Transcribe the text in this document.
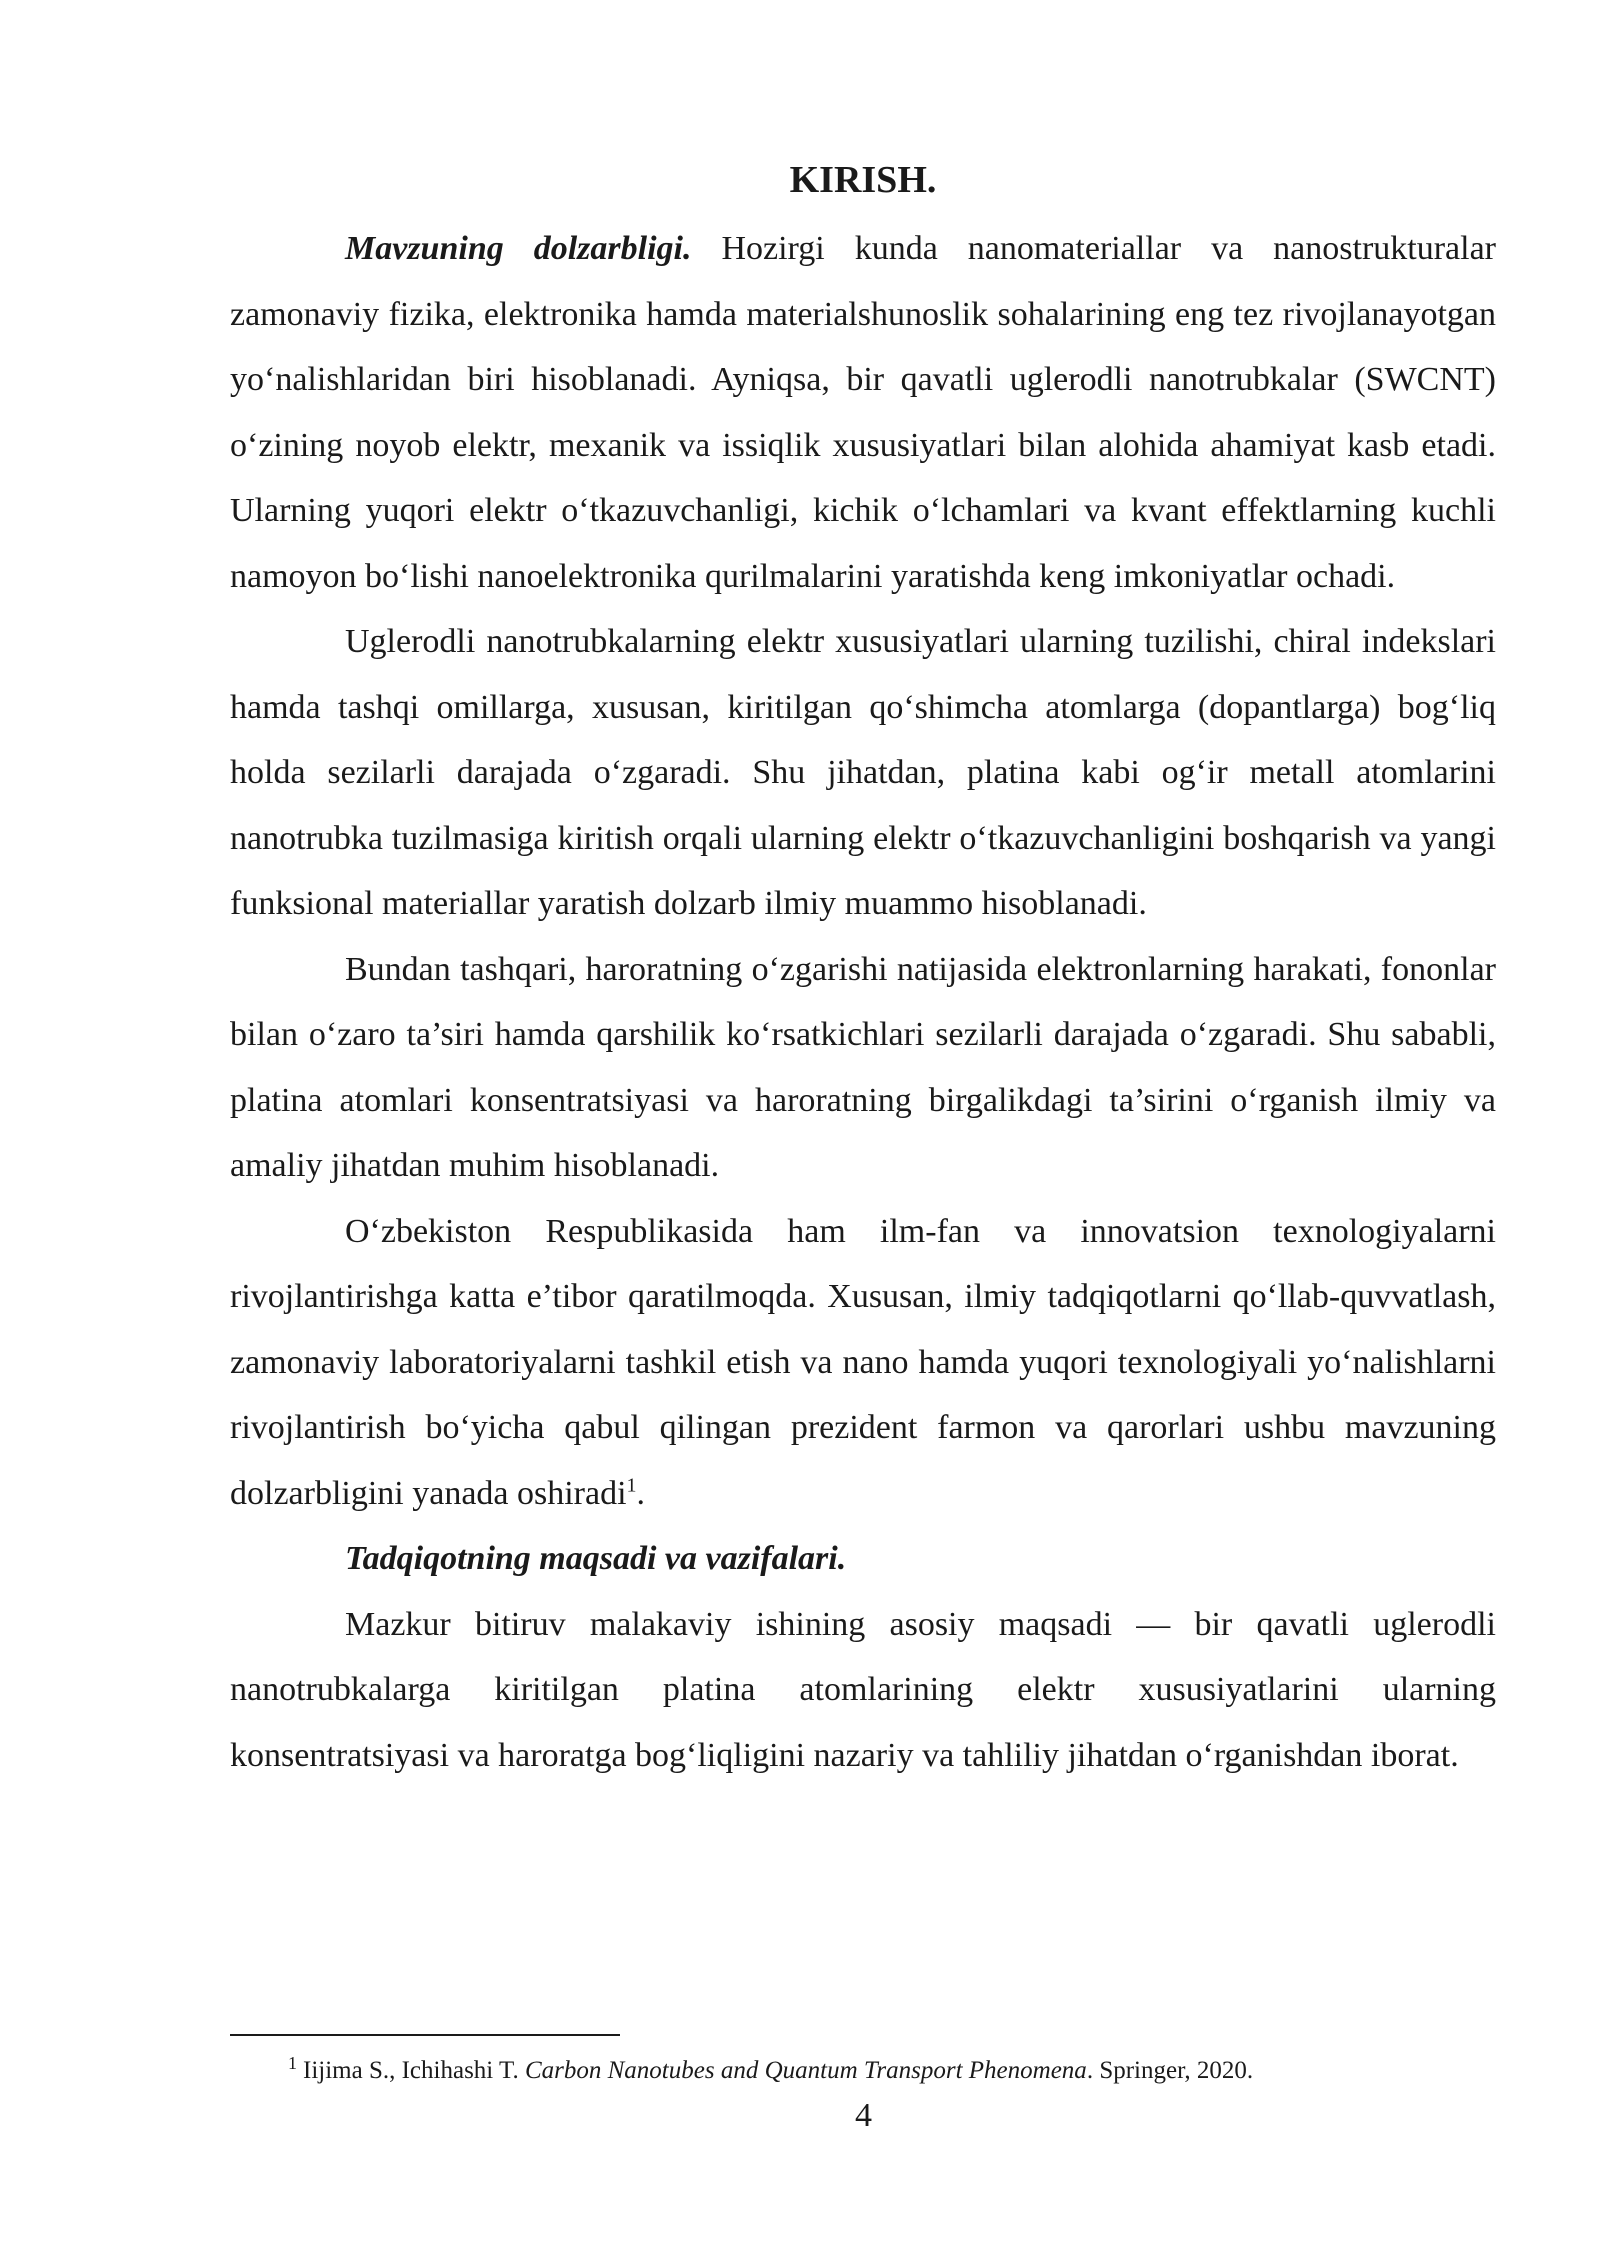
KIRISH.

Mavzuning dolzarbligi. Hozirgi kunda nanomateriallar va nanostrukturalar zamonaviy fizika, elektronika hamda materialshunoslik sohalarining eng tez rivojlanayotgan yo‘nalishlaridan biri hisoblanadi. Ayniqsa, bir qavatli uglerodli nanotrubkalar (SWCNT) o‘zining noyob elektr, mexanik va issiqlik xususiyatlari bilan alohida ahamiyat kasb etadi. Ularning yuqori elektr o‘tkazuvchanligi, kichik o‘lchamlari va kvant effektlarning kuchli namoyon bo‘lishi nanoelektronika qurilmalarini yaratishda keng imkoniyatlar ochadi.

Uglerodli nanotrubkalarning elektr xususiyatlari ularning tuzilishi, chiral indekslari hamda tashqi omillarga, xususan, kiritilgan qo‘shimcha atomlarga (dopantlarga) bog‘liq holda sezilarli darajada o‘zgaradi. Shu jihatdan, platina kabi og‘ir metall atomlarini nanotrubka tuzilmasiga kiritish orqali ularning elektr o‘tkazuvchanligini boshqarish va yangi funksional materiallar yaratish dolzarb ilmiy muammo hisoblanadi.

Bundan tashqari, haroratning o‘zgarishi natijasida elektronlarning harakati, fononlar bilan o‘zaro ta’siri hamda qarshilik ko‘rsatkichlari sezilarli darajada o‘zgaradi. Shu sababli, platina atomlari konsentratsiyasi va haroratning birgalikdagi ta’sirini o‘rganish ilmiy va amaliy jihatdan muhim hisoblanadi.

O‘zbekiston Respublikasida ham ilm-fan va innovatsion texnologiyalarni rivojlantirishga katta e’tibor qaratilmoqda. Xususan, ilmiy tadqiqotlarni qo‘llab-quvvatlash, zamonaviy laboratoriyalarni tashkil etish va nano hamda yuqori texnologiyali yo‘nalishlarni rivojlantirish bo‘yicha qabul qilingan prezident farmon va qarorlari ushbu mavzuning dolzarbligini yanada oshiradi$^1$.

Tadqiqotning maqsadi va vazifalari.

Mazkur bitiruv malakaviy ishining asosiy maqsadi — bir qavatli uglerodli nanotrubkalarga kiritilgan platina atomlarining elektr xususiyatlarini ularning konsentratsiyasi va haroratga bog‘liqligini nazariy va tahliliy jihatdan o‘rganishdan iborat.

$^1$ Iijima S., Ichihashi T. Carbon Nanotubes and Quantum Transport Phenomena. Springer, 2020.
4
